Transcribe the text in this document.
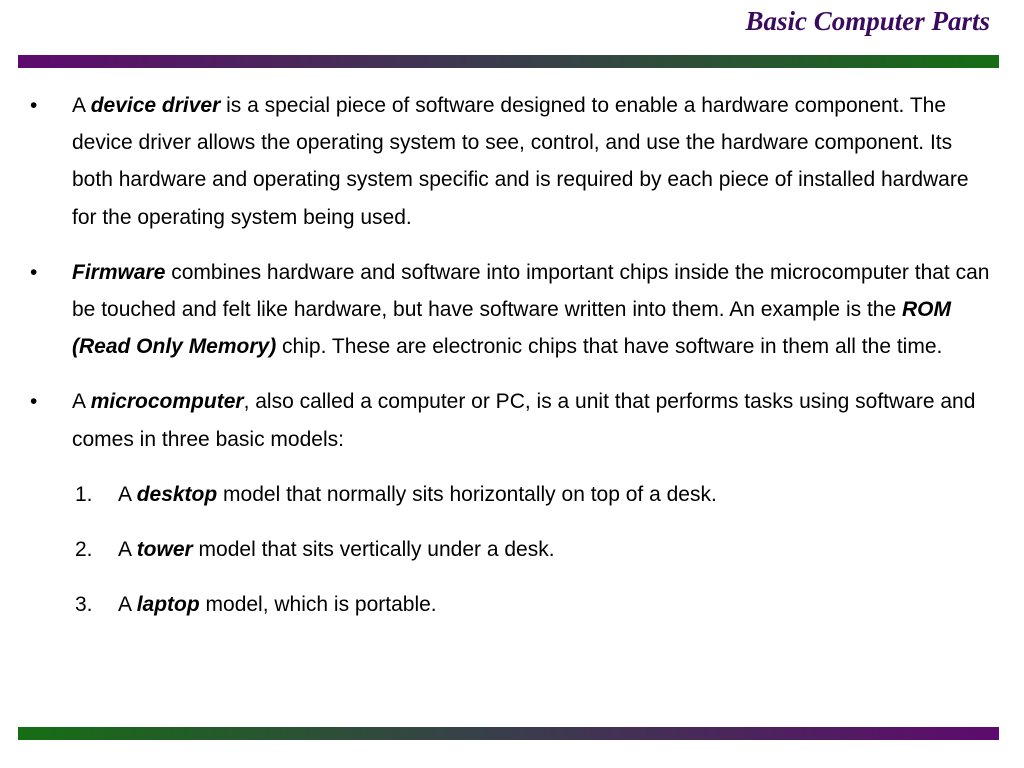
Basic Computer Parts
• A device driver is a special piece of software designed to enable a hardware component. The device driver allows the operating system to see, control, and use the hardware component. Its both hardware and operating system specific and is required by each piece of installed hardware for the operating system being used.
• Firmware combines hardware and software into important chips inside the microcomputer that can be touched and felt like hardware, but have software written into them. An example is the ROM (Read Only Memory) chip. These are electronic chips that have software in them all the time.
• A microcomputer, also called a computer or PC, is a unit that performs tasks using software and comes in three basic models:
1. A desktop model that normally sits horizontally on top of a desk.
2. A tower model that sits vertically under a desk.
3. A laptop model, which is portable.
